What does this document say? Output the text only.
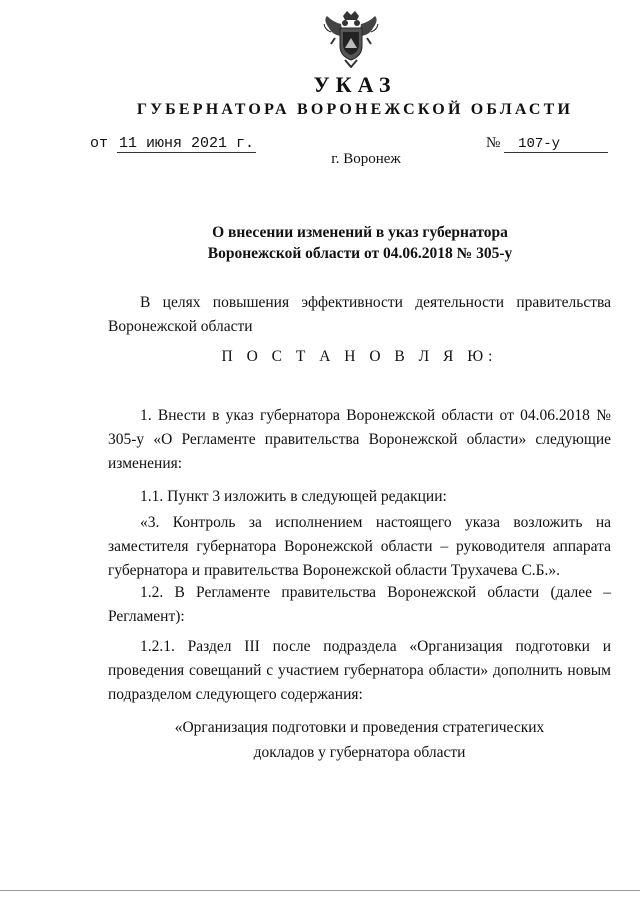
УКАЗ
ГУБЕРНАТОРА ВОРОНЕЖСКОЙ ОБЛАСТИ
от 11 июня 2021 г.	№ 107-у
г. Воронеж
О внесении изменений в указ губернатора
Воронежской области от 04.06.2018 № 305-у

В целях повышения эффективности деятельности правительства Воронежской области

П О С Т А Н О В Л Я Ю:

1. Внести в указ губернатора Воронежской области от 04.06.2018 № 305-у «О Регламенте правительства Воронежской области» следующие изменения:

1.1. Пункт 3 изложить в следующей редакции:

«3. Контроль за исполнением настоящего указа возложить на заместителя губернатора Воронежской области – руководителя аппарата губернатора и правительства Воронежской области Трухачева С.Б.».

1.2. В Регламенте правительства Воронежской области (далее – Регламент):

1.2.1. Раздел III после подраздела «Организация подготовки и проведения совещаний с участием губернатора области» дополнить новым подразделом следующего содержания:

«Организация подготовки и проведения стратегических
докладов у губернатора области
